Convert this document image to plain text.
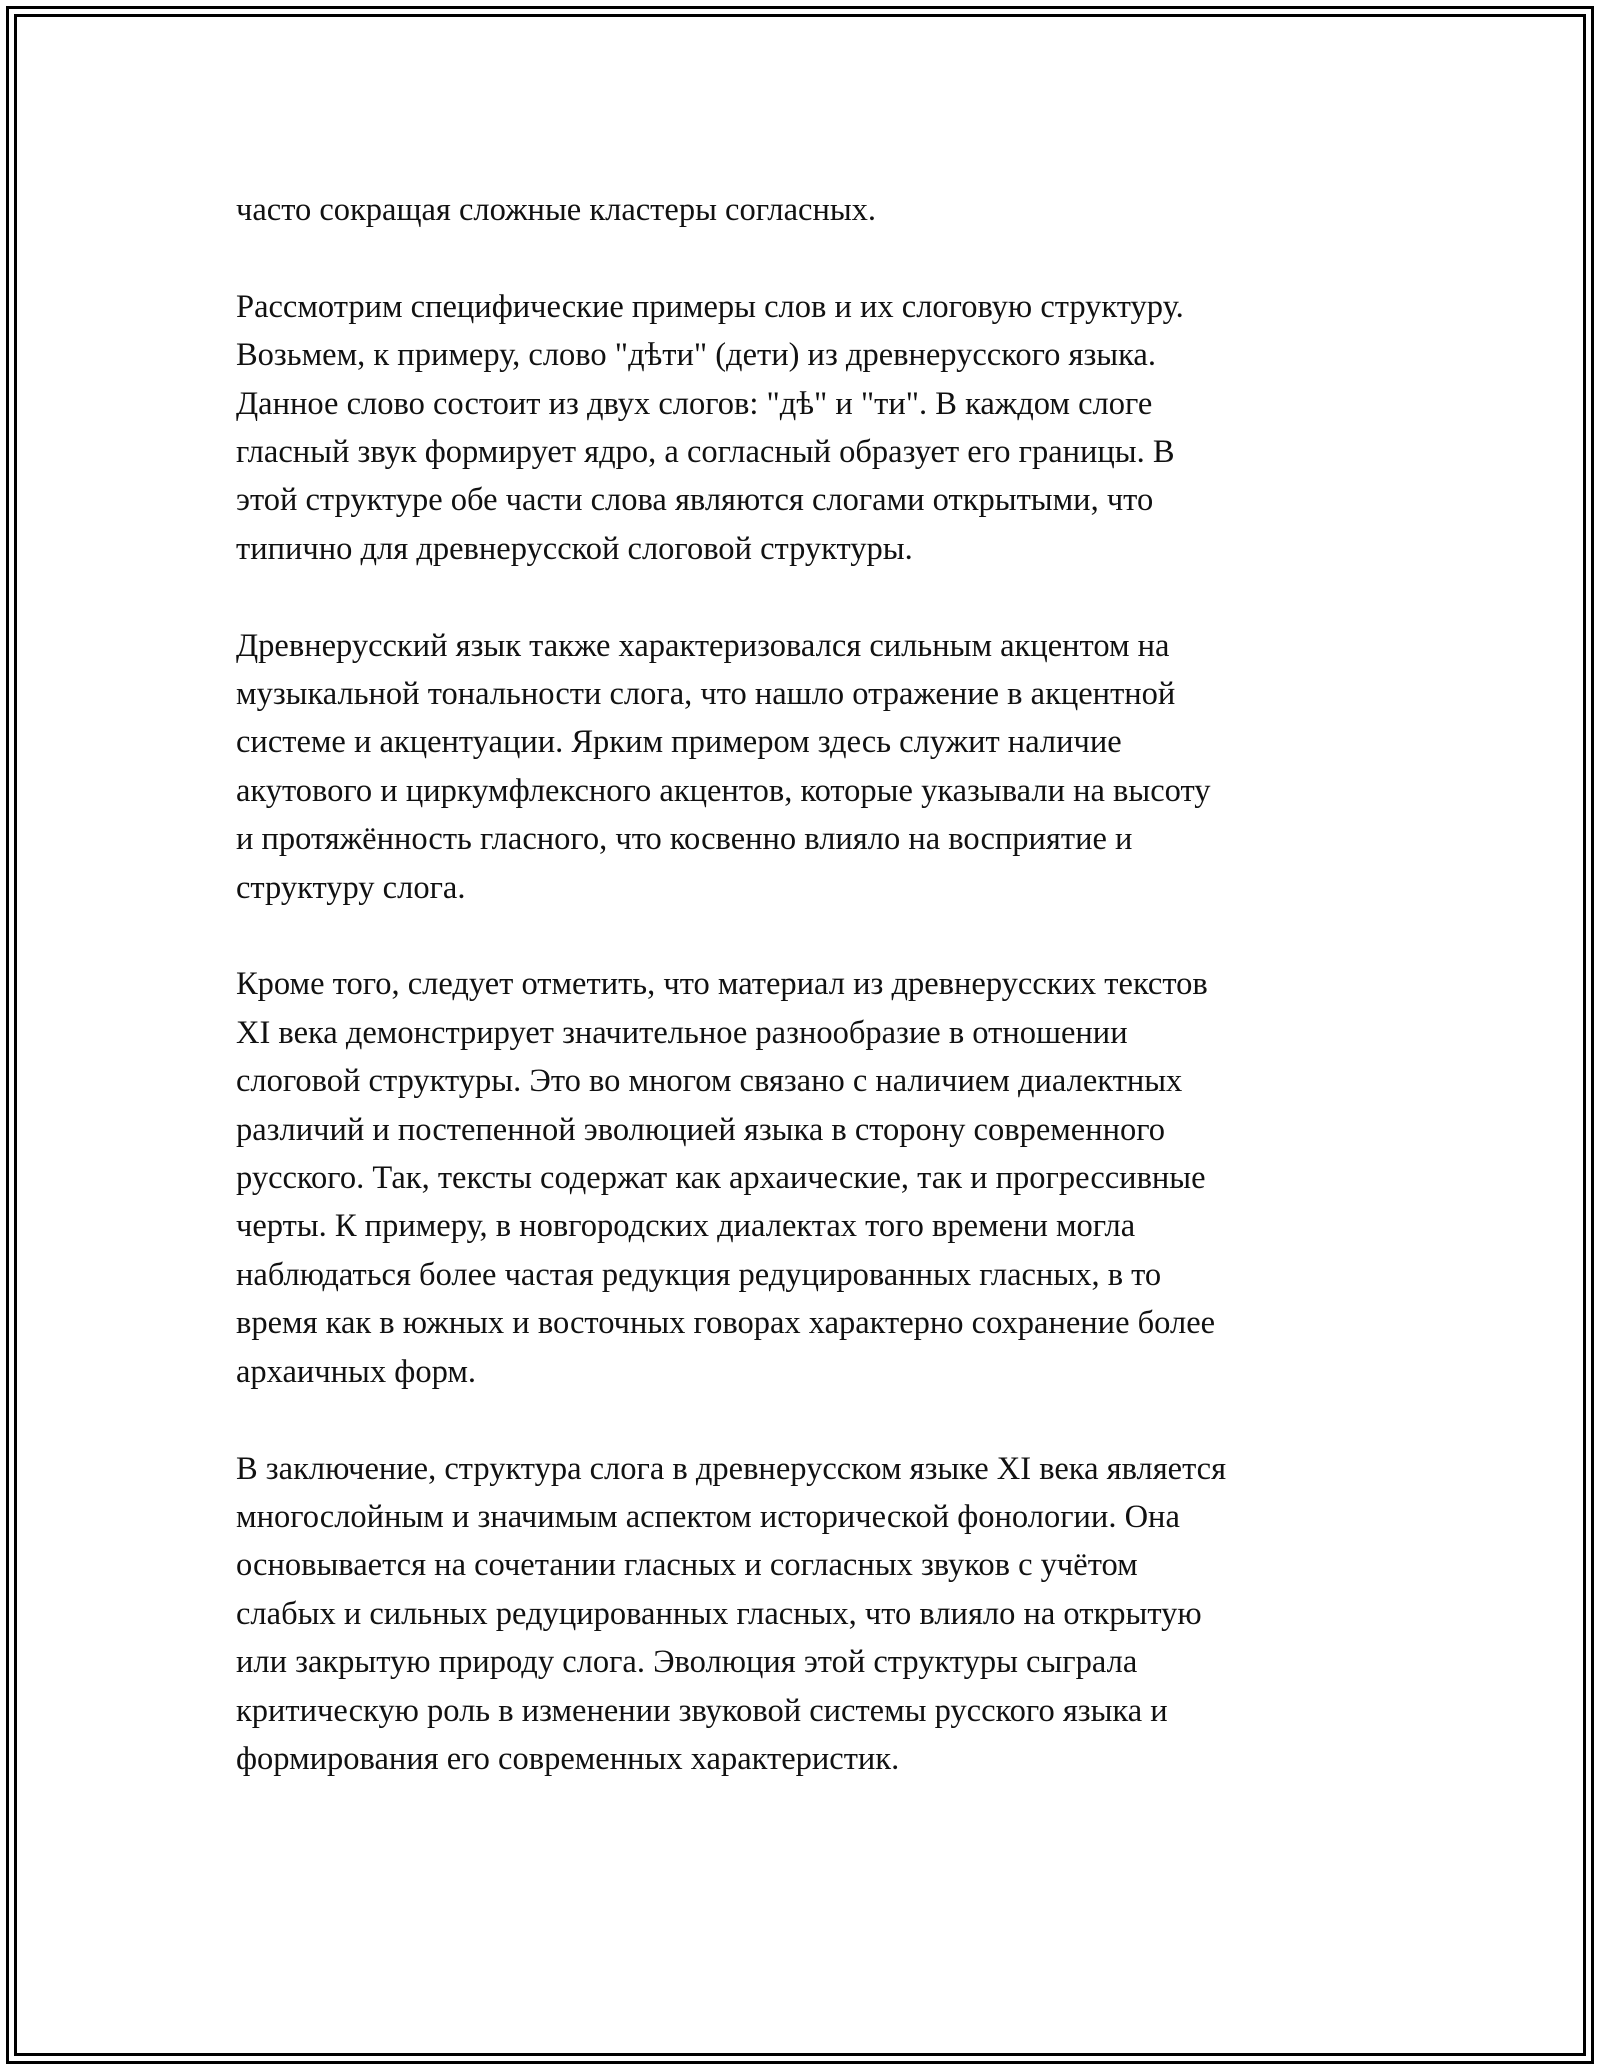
часто сокращая сложные кластеры согласных.

Рассмотрим специфические примеры слов и их слоговую структуру.
Возьмем, к примеру, слово "дѣти" (дети) из древнерусского языка.
Данное слово состоит из двух слогов: "дѣ" и "ти". В каждом слоге
гласный звук формирует ядро, а согласный образует его границы. В
этой структуре обе части слова являются слогами открытыми, что
типично для древнерусской слоговой структуры.

Древнерусский язык также характеризовался сильным акцентом на
музыкальной тональности слога, что нашло отражение в акцентной
системе и акцентуации. Ярким примером здесь служит наличие
акутового и циркумфлексного акцентов, которые указывали на высоту
и протяжённость гласного, что косвенно влияло на восприятие и
структуру слога.

Кроме того, следует отметить, что материал из древнерусских текстов
XI века демонстрирует значительное разнообразие в отношении
слоговой структуры. Это во многом связано с наличием диалектных
различий и постепенной эволюцией языка в сторону современного
русского. Так, тексты содержат как архаические, так и прогрессивные
черты. К примеру, в новгородских диалектах того времени могла
наблюдаться более частая редукция редуцированных гласных, в то
время как в южных и восточных говорах характерно сохранение более
архаичных форм.

В заключение, структура слога в древнерусском языке XI века является
многослойным и значимым аспектом исторической фонологии. Она
основывается на сочетании гласных и согласных звуков с учётом
слабых и сильных редуцированных гласных, что влияло на открытую
или закрытую природу слога. Эволюция этой структуры сыграла
критическую роль в изменении звуковой системы русского языка и
формирования его современных характеристик.
